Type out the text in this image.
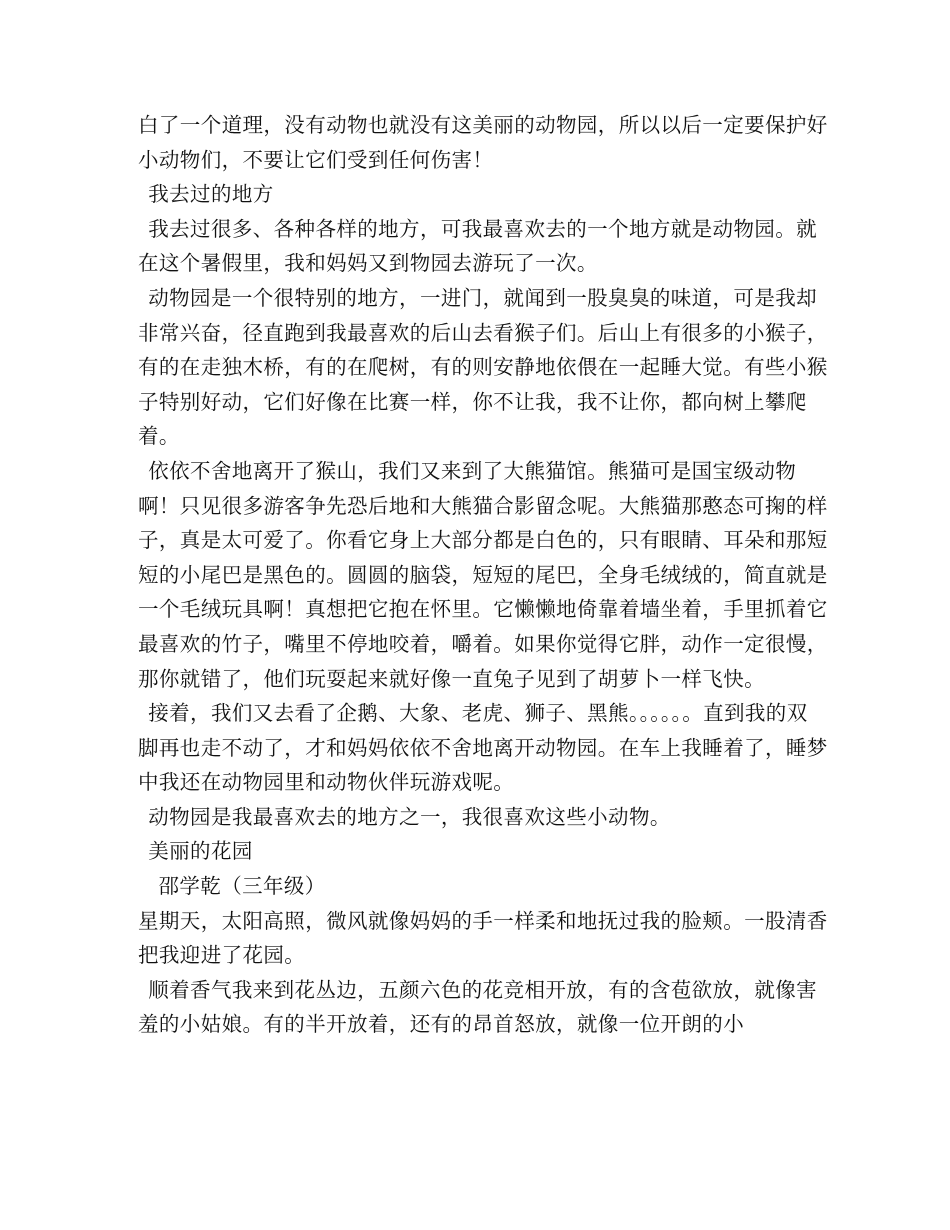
白了一个道理，没有动物也就没有这美丽的动物园，所以以后一定要保护好小动物们，不要让它们受到任何伤害！

我去过的地方

我去过很多、各种各样的地方，可我最喜欢去的一个地方就是动物园。就在这个暑假里，我和妈妈又到物园去游玩了一次。

动物园是一个很特别的地方，一进门，就闻到一股臭臭的味道，可是我却非常兴奋，径直跑到我最喜欢的后山去看猴子们。后山上有很多的小猴子，有的在走独木桥，有的在爬树，有的则安静地依偎在一起睡大觉。有些小猴子特别好动，它们好像在比赛一样，你不让我，我不让你，都向树上攀爬着。

依依不舍地离开了猴山，我们又来到了大熊猫馆。熊猫可是国宝级动物啊！只见很多游客争先恐后地和大熊猫合影留念呢。大熊猫那憨态可掬的样子，真是太可爱了。你看它身上大部分都是白色的，只有眼睛、耳朵和那短短的小尾巴是黑色的。圆圆的脑袋，短短的尾巴，全身毛绒绒的，简直就是一个毛绒玩具啊！真想把它抱在怀里。它懒懒地倚靠着墙坐着，手里抓着它最喜欢的竹子，嘴里不停地咬着，嚼着。如果你觉得它胖，动作一定很慢，那你就错了，他们玩耍起来就好像一直兔子见到了胡萝卜一样飞快。

接着，我们又去看了企鹅、大象、老虎、狮子、黑熊。。。。。。直到我的双脚再也走不动了，才和妈妈依依不舍地离开动物园。在车上我睡着了，睡梦中我还在动物园里和动物伙伴玩游戏呢。

动物园是我最喜欢去的地方之一，我很喜欢这些小动物。

美丽的花园

邵学乾（三年级）

星期天，太阳高照，微风就像妈妈的手一样柔和地抚过我的脸颊。一股清香把我迎进了花园。

顺着香气我来到花丛边，五颜六色的花竞相开放，有的含苞欲放，就像害羞的小姑娘。有的半开放着，还有的昂首怒放，就像一位开朗的小
